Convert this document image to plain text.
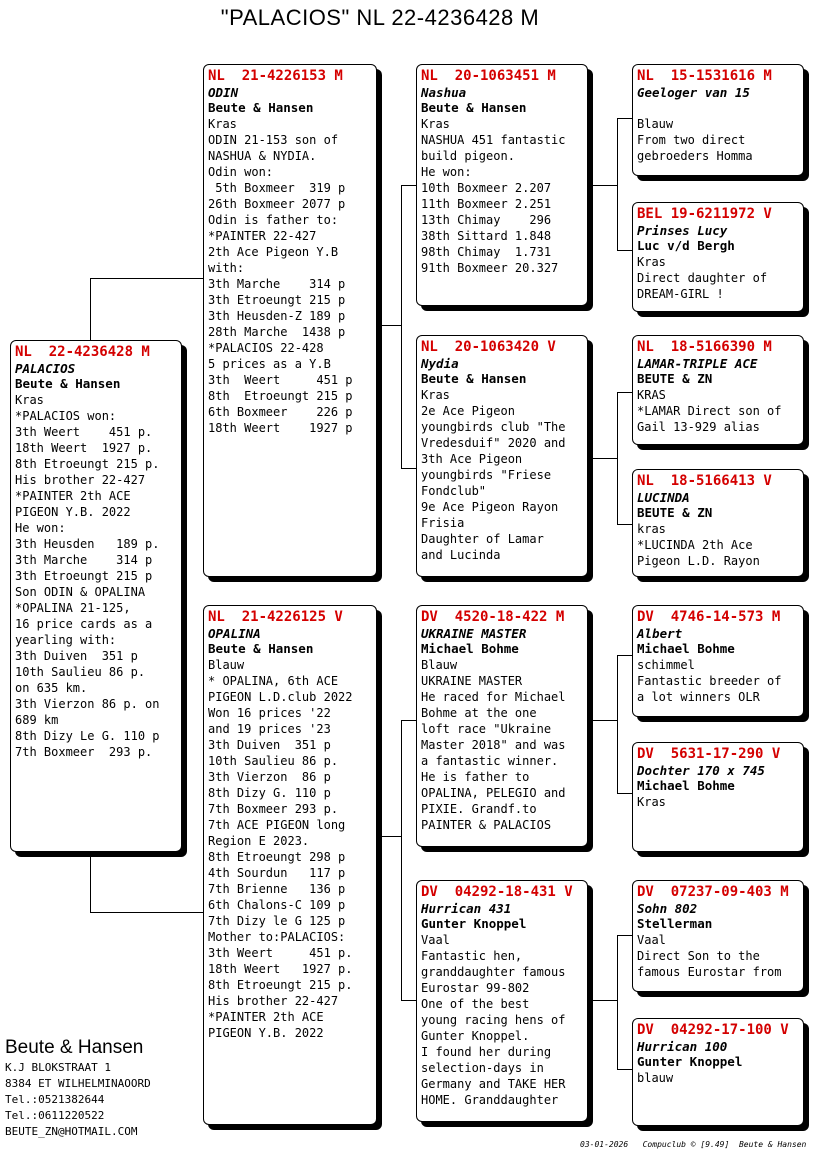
"PALACIOS" NL 22-4236428 M
NL  22-4236428 M
PALACIOS
Beute & Hansen
Kras
*PALACIOS won:
3th Weert    451 p.
18th Weert  1927 p.
8th Etroeungt 215 p.
His brother 22-427
*PAINTER 2th ACE
PIGEON Y.B. 2022
He won:
3th Heusden   189 p.
3th Marche    314 p
3th Etroeungt 215 p
Son ODIN & OPALINA
*OPALINA 21-125,
16 price cards as a
yearling with:
3th Duiven  351 p
10th Saulieu 86 p.
on 635 km.
3th Vierzon 86 p. on
689 km
8th Dizy Le G. 110 p
7th Boxmeer  293 p.
NL  21-4226153 M
ODIN
Beute & Hansen
Kras
ODIN 21-153 son of
NASHUA & NYDIA.
Odin won:
5th Boxmeer  319 p
26th Boxmeer 2077 p
Odin is father to:
*PAINTER 22-427
2th Ace Pigeon Y.B
with:
3th Marche    314 p
3th Etroeungt 215 p
3th Heusden-Z 189 p
28th Marche  1438 p
*PALACIOS 22-428
5 prices as a Y.B
3th  Weert     451 p
8th  Etroeungt 215 p
6th Boxmeer    226 p
18th Weert    1927 p
NL  21-4226125 V
OPALINA
Beute & Hansen
Blauw
* OPALINA, 6th ACE
PIGEON L.D.club 2022
Won 16 prices '22
and 19 prices '23
3th Duiven  351 p
10th Saulieu 86 p.
3th Vierzon  86 p
8th Dizy G. 110 p
7th Boxmeer 293 p.
7th ACE PIGEON long
Region E 2023.
8th Etroeungt 298 p
4th Sourdun   117 p
7th Brienne   136 p
6th Chalons-C 109 p
7th Dizy le G 125 p
Mother to:PALACIOS:
3th Weert     451 p.
18th Weert   1927 p.
8th Etroeungt 215 p.
His brother 22-427
*PAINTER 2th ACE
PIGEON Y.B. 2022
NL  20-1063451 M
Nashua
Beute & Hansen
Kras
NASHUA 451 fantastic
build pigeon.
He won:
10th Boxmeer 2.207
11th Boxmeer 2.251
13th Chimay    296
38th Sittard 1.848
98th Chimay  1.731
91th Boxmeer 20.327
NL  20-1063420 V
Nydia
Beute & Hansen
Kras
2e Ace Pigeon
youngbirds club "The
Vredesduif" 2020 and
3th Ace Pigeon
youngbirds "Friese
Fondclub"
9e Ace Pigeon Rayon
Frisia
Daughter of Lamar
and Lucinda
DV  4520-18-422 M
UKRAINE MASTER
Michael Bohme
Blauw
UKRAINE MASTER
He raced for Michael
Bohme at the one
loft race "Ukraine
Master 2018" and was
a fantastic winner.
He is father to
OPALINA, PELEGIO and
PIXIE. Grandf.to
PAINTER & PALACIOS
DV  04292-18-431 V
Hurrican 431
Gunter Knoppel
Vaal
Fantastic hen,
granddaughter famous
Eurostar 99-802
One of the best
young racing hens of
Gunter Knoppel.
I found her during
selection-days in
Germany and TAKE HER
HOME. Granddaughter
NL  15-1531616 M
Geeloger van 15
Blauw
From two direct
gebroeders Homma
BEL 19-6211972 V
Prinses Lucy
Luc v/d Bergh
Kras
Direct daughter of
DREAM-GIRL !
NL  18-5166390 M
LAMAR-TRIPLE ACE
BEUTE & ZN
KRAS
*LAMAR Direct son of
Gail 13-929 alias
NL  18-5166413 V
LUCINDA
BEUTE & ZN
kras
*LUCINDA 2th Ace
Pigeon L.D. Rayon
DV  4746-14-573 M
Albert
Michael Bohme
schimmel
Fantastic breeder of
a lot winners OLR
DV  5631-17-290 V
Dochter 170 x 745
Michael Bohme
Kras
DV  07237-09-403 M
Sohn 802
Stellerman
Vaal
Direct Son to the
famous Eurostar from
DV  04292-17-100 V
Hurrican 100
Gunter Knoppel
blauw
Beute & Hansen
K.J BLOKSTRAAT 1
8384 ET WILHELMINAOORD
Tel.:0521382644
Tel.:0611220522
BEUTE_ZN@HOTMAIL.COM
03-01-2026   Compuclub © [9.49]  Beute & Hansen
